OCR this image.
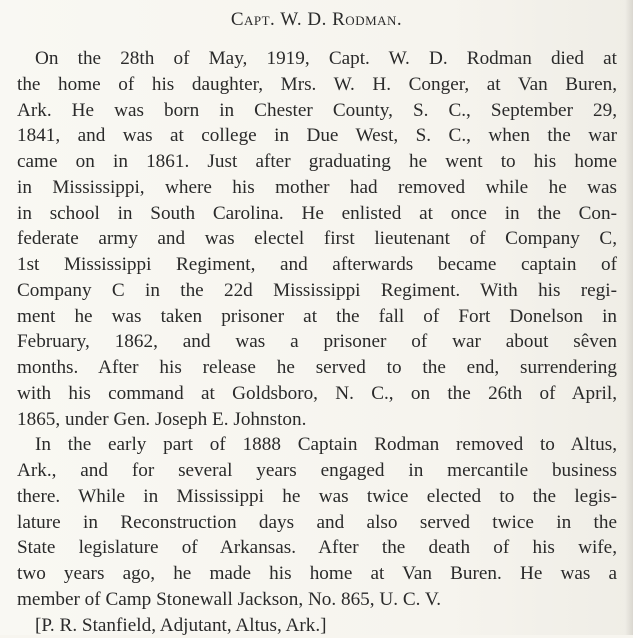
Capt. W. D. Rodman.
On the 28th of May, 1919, Capt. W. D. Rodman died at
the home of his daughter, Mrs. W. H. Conger, at Van Buren,
Ark. He was born in Chester County, S. C., September 29,
1841, and was at college in Due West, S. C., when the war
came on in 1861. Just after graduating he went to his home
in Mississippi, where his mother had removed while he was
in school in South Carolina. He enlisted at once in the Con-
federate army and was electel first lieutenant of Company C,
1st Mississippi Regiment, and afterwards became captain of
Company C in the 22d Mississippi Regiment. With his regi-
ment he was taken prisoner at the fall of Fort Donelson in
February, 1862, and was a prisoner of war about sêven
months. After his release he served to the end, surrendering
with his command at Goldsboro, N. C., on the 26th of April,
1865, under Gen. Joseph E. Johnston.
In the early part of 1888 Captain Rodman removed to Altus,
Ark., and for several years engaged in mercantile business
there. While in Mississippi he was twice elected to the legis-
lature in Reconstruction days and also served twice in the
State legislature of Arkansas. After the death of his wife,
two years ago, he made his home at Van Buren. He was a
member of Camp Stonewall Jackson, No. 865, U. C. V.
[P. R. Stanfield, Adjutant, Altus, Ark.]
